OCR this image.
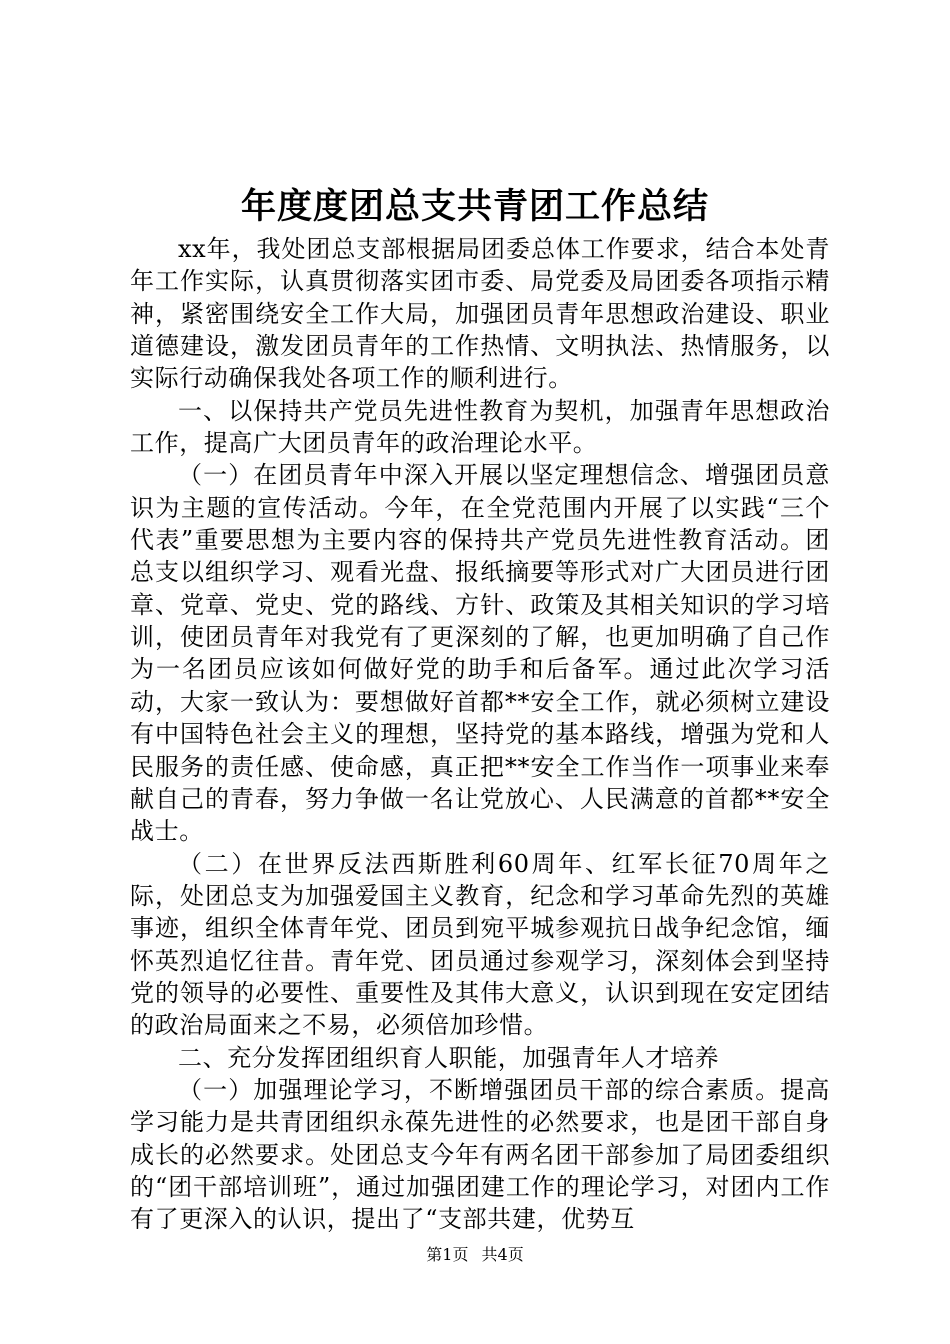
年度度团总支共青团工作总结

xx年，我处团总支部根据局团委总体工作要求，结合本处青年工作实际，认真贯彻落实团市委、局党委及局团委各项指示精神，紧密围绕安全工作大局，加强团员青年思想政治建设、职业道德建设，激发团员青年的工作热情、文明执法、热情服务，以实际行动确保我处各项工作的顺利进行。

一、以保持共产党员先进性教育为契机，加强青年思想政治工作，提高广大团员青年的政治理论水平。

（一）在团员青年中深入开展以坚定理想信念、增强团员意识为主题的宣传活动。今年，在全党范围内开展了以实践“三个代表”重要思想为主要内容的保持共产党员先进性教育活动。团总支以组织学习、观看光盘、报纸摘要等形式对广大团员进行团章、党章、党史、党的路线、方针、政策及其相关知识的学习培训，使团员青年对我党有了更深刻的了解，也更加明确了自己作为一名团员应该如何做好党的助手和后备军。通过此次学习活动，大家一致认为：要想做好首都**安全工作，就必须树立建设有中国特色社会主义的理想，坚持党的基本路线，增强为党和人民服务的责任感、使命感，真正把**安全工作当作一项事业来奉献自己的青春，努力争做一名让党放心、人民满意的首都**安全战士。

（二）在世界反法西斯胜利60周年、红军长征70周年之际，处团总支为加强爱国主义教育，纪念和学习革命先烈的英雄事迹，组织全体青年党、团员到宛平城参观抗日战争纪念馆，缅怀英烈追忆往昔。青年党、团员通过参观学习，深刻体会到坚持党的领导的必要性、重要性及其伟大意义，认识到现在安定团结的政治局面来之不易，必须倍加珍惜。

二、充分发挥团组织育人职能，加强青年人才培养

（一）加强理论学习，不断增强团员干部的综合素质。提高学习能力是共青团组织永葆先进性的必然要求，也是团干部自身成长的必然要求。处团总支今年有两名团干部参加了局团委组织的“团干部培训班”，通过加强团建工作的理论学习，对团内工作有了更深入的认识，提出了“支部共建，优势互

第1页 共4页
